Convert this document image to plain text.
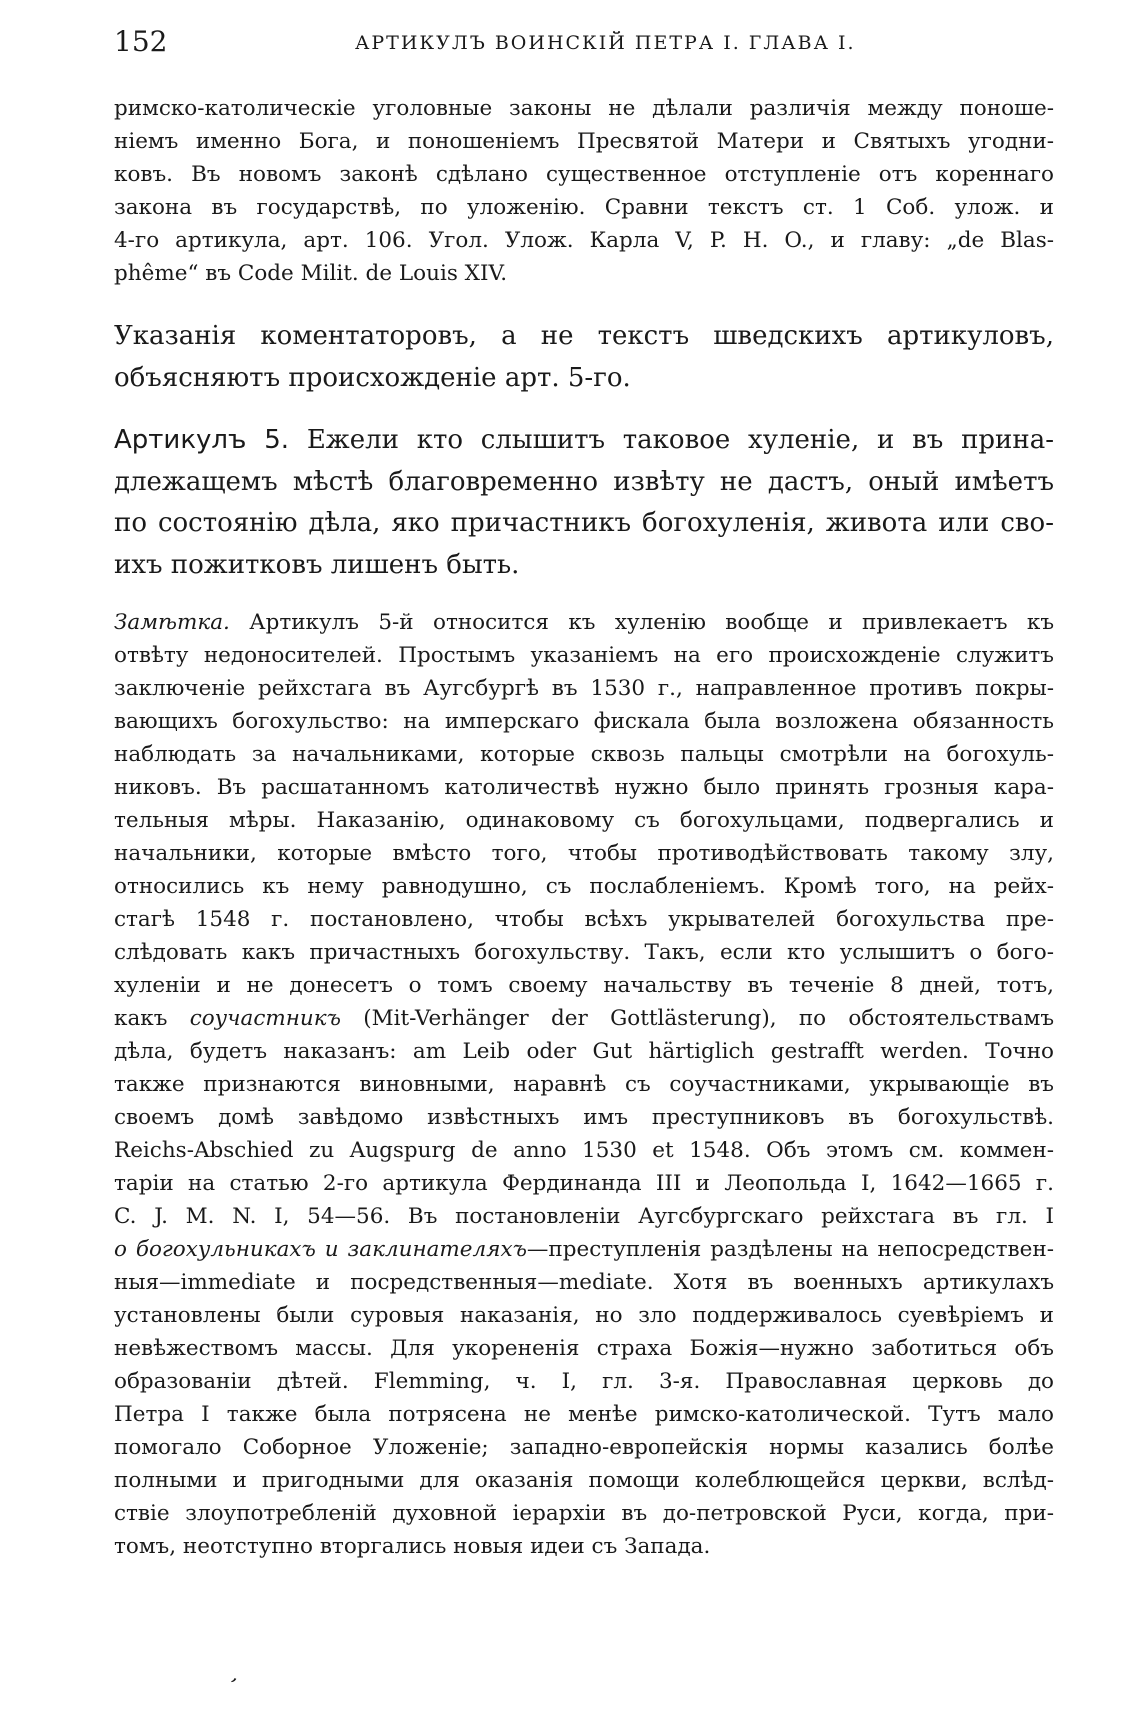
152	АРТИКУЛЪ ВОИНСКІЙ ПЕТРА I. ГЛАВА I.
римско-католическіе уголовные законы не дѣлали различія между поноше-
ніемъ именно Бога, и поношеніемъ Пресвятой Матери и Святыхъ угодни-
ковъ. Въ новомъ законѣ сдѣлано существенное отступленіе отъ кореннаго
закона въ государствѣ, по уложенію. Сравни текстъ ст. 1 Соб. улож. и
4-го артикула, арт. 106. Угол. Улож. Карла V, P. H. O., и главу: „de Blas-
phême“ въ Code Milit. de Louis XIV.
Указанія коментаторовъ, а не текстъ шведскихъ артикуловъ,
объясняютъ происхожденіе арт. 5-го.
Артикулъ 5. Ежели кто слышитъ таковое хуленіе, и въ прина-
длежащемъ мѣстѣ благовременно извѣту не дастъ, оный имѣетъ
по состоянію дѣла, яко причастникъ богохуленія, живота или сво-
ихъ пожитковъ лишенъ быть.
Замѣтка. Артикулъ 5-й относится къ хуленію вообще и привлекаетъ къ
отвѣту недоносителей. Простымъ указаніемъ на его происхожденіе служитъ
заключеніе рейхстага въ Аугсбургѣ въ 1530 г., направленное противъ покры-
вающихъ богохульство: на имперскаго фискала была возложена обязанность
наблюдать за начальниками, которые сквозь пальцы смотрѣли на богохуль-
никовъ. Въ расшатанномъ католичествѣ нужно было принять грозныя кара-
тельныя мѣры. Наказанію, одинаковому съ богохульцами, подвергались и
начальники, которые вмѣсто того, чтобы противодѣйствовать такому злу,
относились къ нему равнодушно, съ послабленіемъ. Кромѣ того, на рейх-
стагѣ 1548 г. постановлено, чтобы всѣхъ укрывателей богохульства пре-
слѣдовать какъ причастныхъ богохульству. Такъ, если кто услышитъ о бого-
хуленіи и не донесетъ о томъ своему начальству въ теченіе 8 дней, тотъ,
какъ соучастникъ (Mit-Verhänger der Gottlästerung), по обстоятельствамъ
дѣла, будетъ наказанъ: am Leib oder Gut härtiglich gestrafft werden. Точно
также признаются виновными, наравнѣ съ соучастниками, укрывающіе въ
своемъ домѣ завѣдомо извѣстныхъ имъ преступниковъ въ богохульствѣ.
Reichs-Abschied zu Augspurg de anno 1530 et 1548. Объ этомъ см. коммен-
таріи на статью 2-го артикула Фердинанда III и Леопольда I, 1642—1665 г.
C. J. M. N. I, 54—56. Въ постановленіи Аугсбургскаго рейхстага въ гл. I
о богохульникахъ и заклинателяхъ—преступленія раздѣлены на непосредствен-
ныя—immediate и посредственныя—mediate. Хотя въ военныхъ артикулахъ
установлены были суровыя наказанія, но зло поддерживалось суевѣріемъ и
невѣжествомъ массы. Для укорененія страха Божія—нужно заботиться объ
образованіи дѣтей. Flemming, ч. I, гл. 3-я. Православная церковь до
Петра I также была потрясена не менѣе римско-католической. Тутъ мало
помогало Соборное Уложеніе; западно-европейскія нормы казались болѣе
полными и пригодными для оказанія помощи колеблющейся церкви, вслѣд-
ствіе злоупотребленій духовной іерархіи въ до-петровской Руси, когда, при-
томъ, неотступно вторгались новыя идеи съ Запада.
,
